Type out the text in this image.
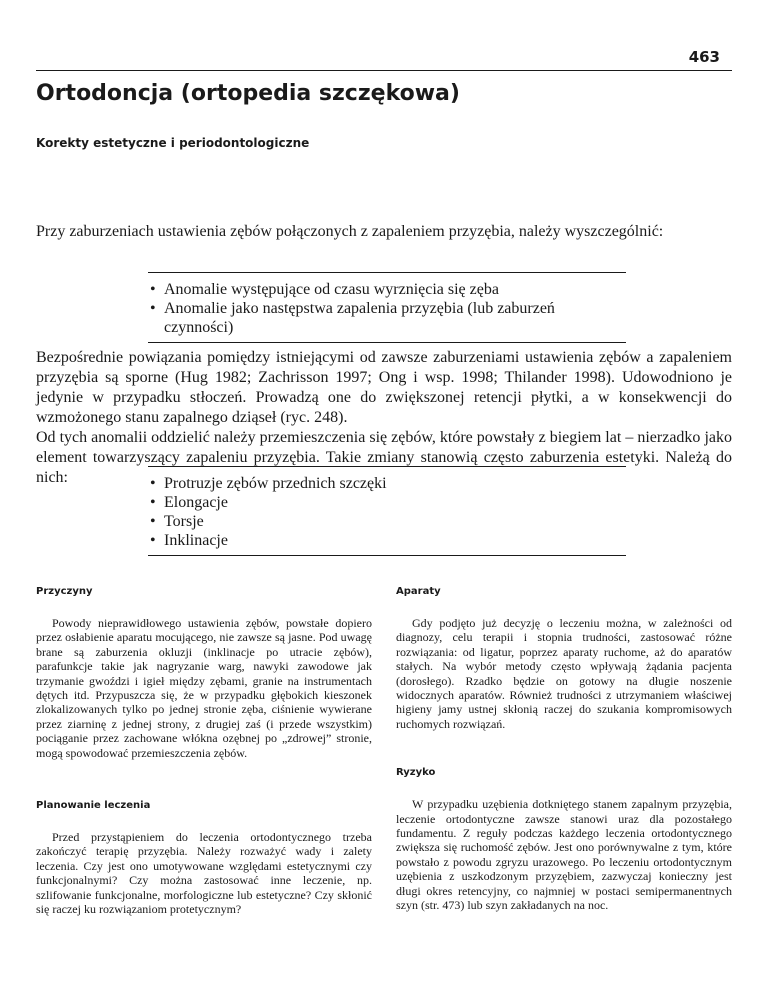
463

Ortodoncja (ortopedia szczękowa)
Korekty estetyczne i periodontologiczne

Przy zaburzeniach ustawienia zębów połączonych z zapaleniem przyzębia, należy wyszczególnić:

• Anomalie występujące od czasu wyrznięcia się zęba
• Anomalie jako następstwa zapalenia przyzębia (lub zaburzeń czynności)

Bezpośrednie powiązania pomiędzy istniejącymi od zawsze zaburzeniami ustawienia zębów a zapaleniem przyzębia są sporne (Hug 1982; Zachrisson 1997; Ong i wsp. 1998; Thilander 1998). Udowodniono je jedynie w przypadku stłoczeń. Prowadzą one do zwiększonej retencji płytki, a w konsekwencji do wzmożonego stanu zapalnego dziąseł (ryc. 248).

Od tych anomalii oddzielić należy przemieszczenia się zębów, które powstały z biegiem lat – nierzadko jako element towarzyszący zapaleniu przyzębia. Takie zmiany stanowią często zaburzenia estetyki. Należą do nich:

•	Protruzje zębów przednich szczęki
• Elongacje
• Torsje
• Inklinacje
Przyczyny

Powody nieprawidłowego ustawienia zębów, powstałe dopiero przez osłabienie aparatu mocującego, nie zawsze są jasne. Pod uwagę brane są zaburzenia okluzji (inklinacje po utracie zębów), parafunkcje takie jak nagryzanie warg, nawyki zawodowe jak trzymanie gwoździ i igieł między zębami, granie na instrumentach dętych itd. Przypuszcza się, że w przypadku głębokich kieszonek zlokalizowanych tylko po jednej stronie zęba, ciśnienie wywierane przez ziarninę z jednej strony, z drugiej zaś (i przede wszystkim) pociąganie przez zachowane włókna ozębnej po „zdrowej” stronie, mogą spowodować przemieszczenia zębów.

Planowanie leczenia

Przed przystąpieniem do leczenia ortodontycznego trzeba zakończyć terapię przyzębia. Należy rozważyć wady i zalety leczenia. Czy jest ono umotywowane względami estetycznymi czy funkcjonalnymi? Czy można zastosować inne leczenie, np. szlifowanie funkcjonalne, morfologiczne lub estetyczne? Czy skłonić się raczej ku rozwiązaniom protetycznym?

Aparaty

Gdy podjęto już decyzję o leczeniu można, w zależności od diagnozy, celu terapii i stopnia trudności, zastosować różne rozwiązania: od ligatur, poprzez aparaty ruchome, aż do aparatów stałych. Na wybór metody często wpływają żądania pacjenta (dorosłego). Rzadko będzie on gotowy na długie noszenie widocznych aparatów. Również trudności z utrzymaniem właściwej higieny jamy ustnej skłonią raczej do szukania kompromisowych ruchomych rozwiązań.

Ryzyko

W przypadku uzębienia dotkniętego stanem zapalnym przyzębia, leczenie ortodontyczne zawsze stanowi uraz dla pozostałego fundamentu. Z reguły podczas każdego leczenia ortodontycznego zwiększa się ruchomość zębów. Jest ono porównywalne z tym, które powstało z powodu zgryzu urazowego. Po leczeniu ortodontycznym uzębienia z uszkodzonym przyzębiem, zazwyczaj konieczny jest długi okres retencyjny, co najmniej w postaci semipermanentnych szyn (str. 473) lub szyn zakładanych na noc.
